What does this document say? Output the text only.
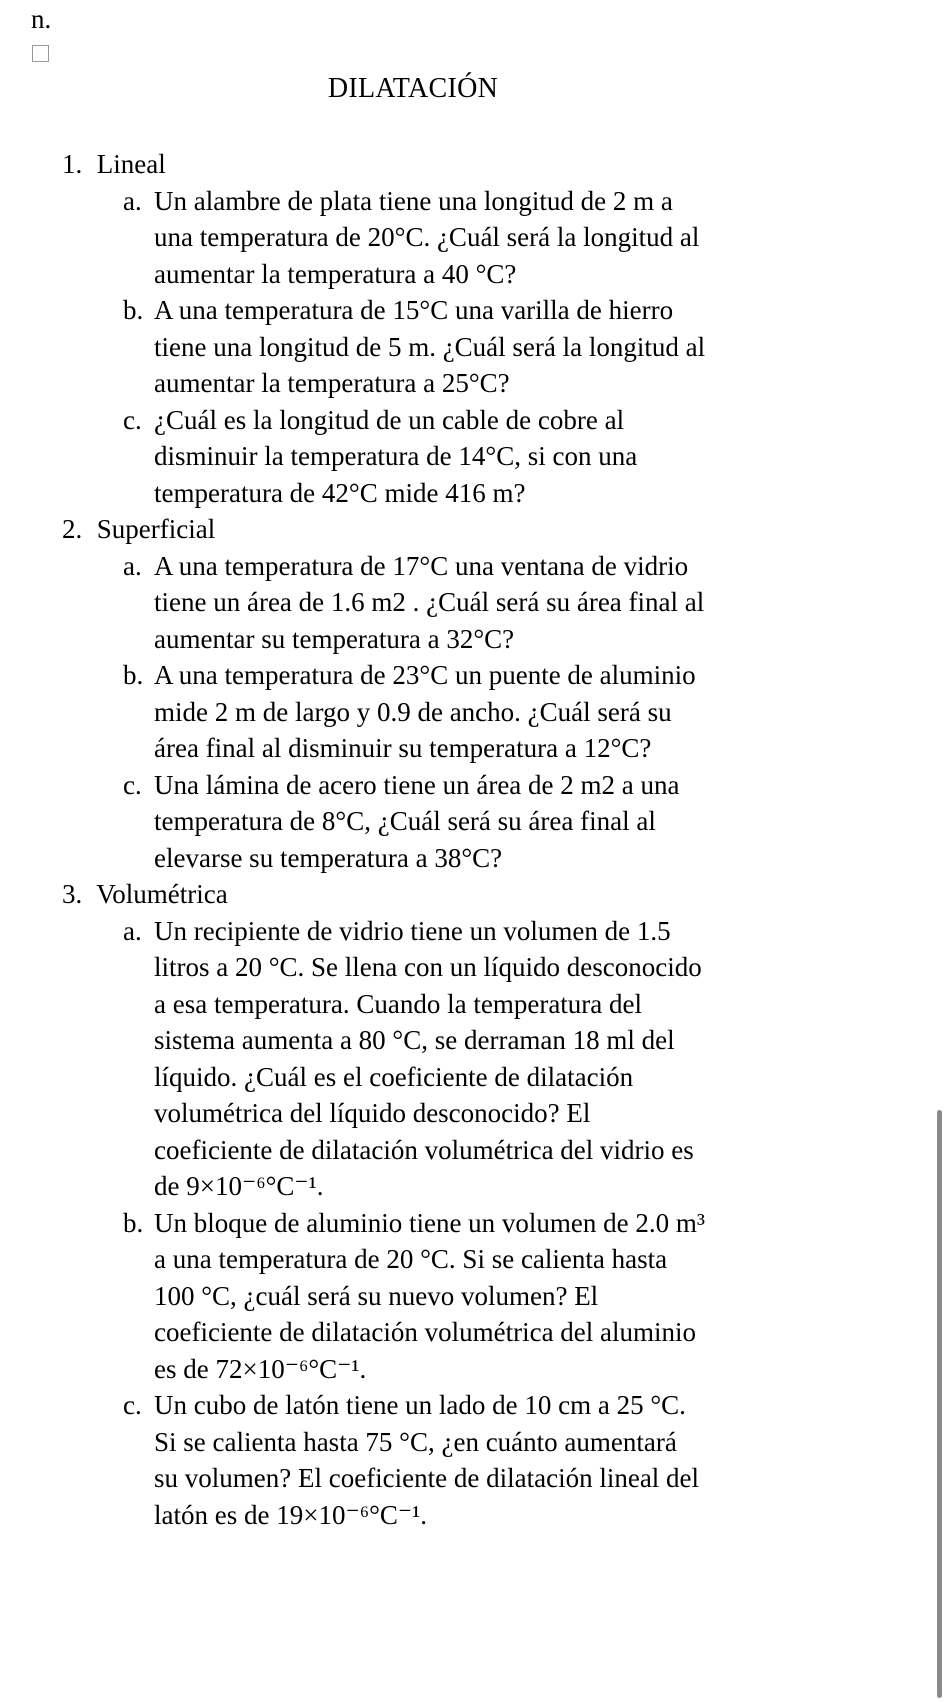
n.
DILATACIÓN

1. Lineal

a. Un alambre de plata tiene una longitud de 2 m a
una temperatura de 20°C. ¿Cuál será la longitud al
aumentar la temperatura a 40 °C?
b. A una temperatura de 15°C una varilla de hierro
tiene una longitud de 5 m. ¿Cuál será la longitud al
aumentar la temperatura a 25°C?
c. ¿Cuál es la longitud de un cable de cobre al
disminuir la temperatura de 14°C, si con una
temperatura de 42°C mide 416 m?

2. Superficial

a. A una temperatura de 17°C una ventana de vidrio
tiene un área de 1.6 m2 . ¿Cuál será su área final al
aumentar su temperatura a 32°C?
b. A una temperatura de 23°C un puente de aluminio
mide 2 m de largo y 0.9 de ancho. ¿Cuál será su
área final al disminuir su temperatura a 12°C?
c. Una lámina de acero tiene un área de 2 m2 a una
temperatura de 8°C, ¿Cuál será su área final al
elevarse su temperatura a 38°C?

3. Volumétrica

a. Un recipiente de vidrio tiene un volumen de 1.5
litros a 20 °C. Se llena con un líquido desconocido
a esa temperatura. Cuando la temperatura del
sistema aumenta a 80 °C, se derraman 18 ml del
líquido. ¿Cuál es el coeficiente de dilatación
volumétrica del líquido desconocido? El
coeficiente de dilatación volumétrica del vidrio es
de 9×10⁻⁶°C⁻¹.
b. Un bloque de aluminio tiene un volumen de 2.0 m³
a una temperatura de 20 °C. Si se calienta hasta
100 °C, ¿cuál será su nuevo volumen? El
coeficiente de dilatación volumétrica del aluminio
es de 72×10⁻⁶°C⁻¹.
c. Un cubo de latón tiene un lado de 10 cm a 25 °C.
Si se calienta hasta 75 °C, ¿en cuánto aumentará
su volumen? El coeficiente de dilatación lineal del
latón es de 19×10⁻⁶°C⁻¹.
